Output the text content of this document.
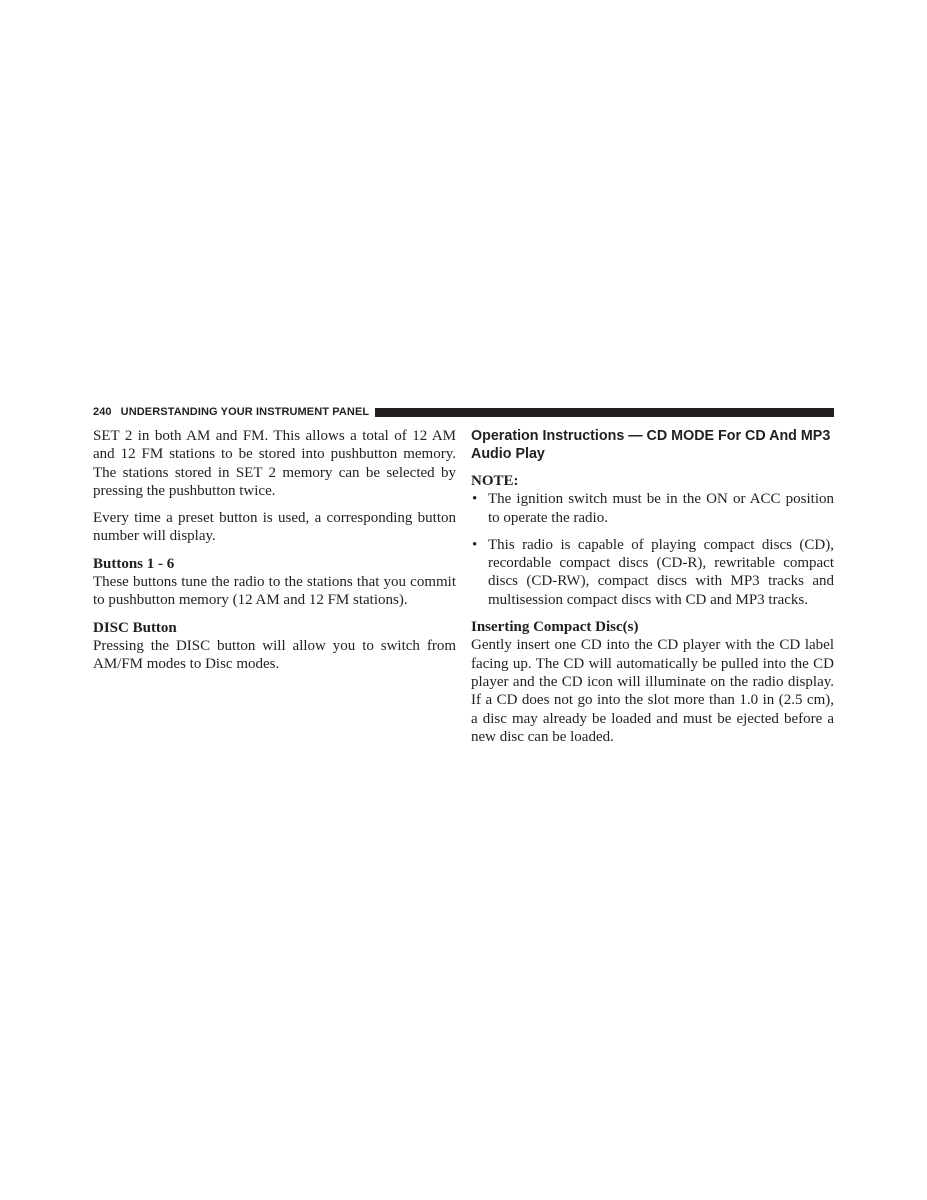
240 UNDERSTANDING YOUR INSTRUMENT PANEL

SET 2 in both AM and FM. This allows a total of 12 AM and 12 FM stations to be stored into pushbutton memory. The stations stored in SET 2 memory can be selected by pressing the pushbutton twice.

Every time a preset button is used, a corresponding button number will display.

Buttons 1 - 6

These buttons tune the radio to the stations that you commit to pushbutton memory (12 AM and 12 FM stations).

DISC Button

Pressing the DISC button will allow you to switch from AM/FM modes to Disc modes.

Operation Instructions — CD MODE For CD And MP3 Audio Play
NOTE:
• The ignition switch must be in the ON or ACC position to operate the radio.
• This radio is capable of playing compact discs (CD), recordable compact discs (CD-R), rewritable compact discs (CD-RW), compact discs with MP3 tracks and multisession compact discs with CD and MP3 tracks.
Inserting Compact Disc(s)

Gently insert one CD into the CD player with the CD label facing up. The CD will automatically be pulled into the CD player and the CD icon will illuminate on the radio display. If a CD does not go into the slot more than 1.0 in (2.5 cm), a disc may already be loaded and must be ejected before a new disc can be loaded.
